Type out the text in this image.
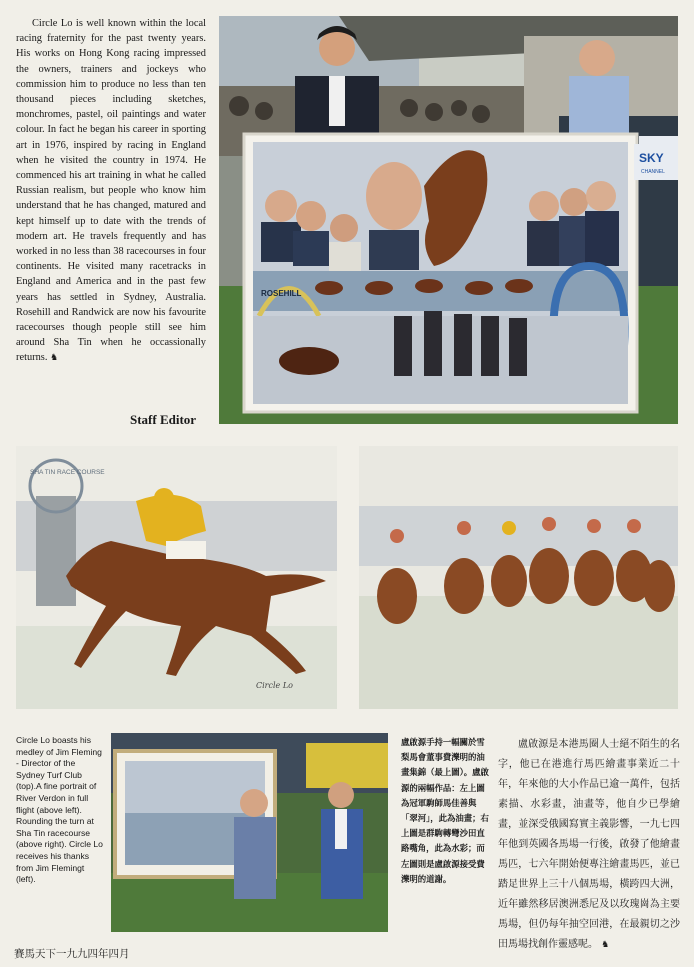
Circle Lo is well known within the local racing fraternity for the past twenty years. His works on Hong Kong racing impressed the owners, trainers and jockeys who commission him to produce no less than ten thousand pieces including sketches, monchromes, pastel, oil paintings and water colour. In fact he began his career in sporting art in 1976, inspired by racing in England when he visited the country in 1974. He commenced his art training in what he called Russian realism, but people who know him understand that he has changed, matured and kept himself up to date with the trends of modern art. He travels frequently and has worked in no less than 38 racecourses in four continents. He visited many racetracks in England and America and in the past few years has settled in Sydney, Australia. Rosehill and Randwick are now his favourite racecourses though people still see him around Sha Tin when he occassionally returns. ♞
Staff Editor
ROSEHILL
SKY
CHANNEL
SHA TIN RACE COURSE
Circle Lo
Circle Lo boasts his medley of Jim Fleming - Director of the Sydney Turf Club (top).A fine portrait of River Verdon in full flight (above left). Rounding the turn at Sha Tin racecourse (above right). Circle Lo receives his thanks from Jim Flemingt (left).
盧啟源手持一幅關於雪梨馬會董事費濼明的油畫集錦（最上圖）。盧啟源的兩幅作品：左上圖為冠軍駒師馬佳善與「翠河」，此為油畫；右上圖是群駒轉彎沙田直路嘴角，此為水彩；而左圖則是盧啟源接受費濼明的道謝。
盧啟源是本港馬圈人士絕不陌生的名字，他已在港進行馬匹繪畫事業近二十年，年來他的大小作品已逾一萬件，包括素描、水彩畫，油畫等，他自少已學繪畫，並深受俄國寫實主義影響，一九七四年他到英國各馬場一行後，啟發了他繪畫馬匹，七六年開始便專注繪畫馬匹，並已踏足世界上三十八個馬場，橫跨四大洲，近年雖然移居澳洲悉尼及以玫瑰崗為主要馬場，但仍每年抽空回港，在最親切之沙田馬場找創作靈感呢。 ♞
賽馬天下一九九四年四月
